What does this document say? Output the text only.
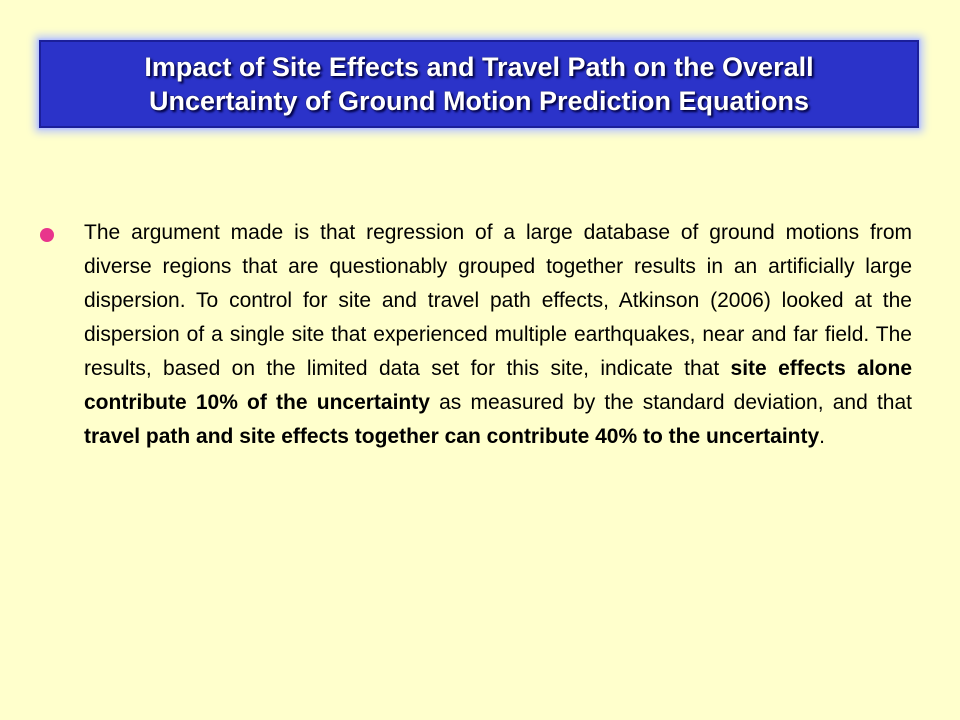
Impact of Site Effects and Travel Path on the Overall
Uncertainty of Ground Motion Prediction Equations
The argument made is that regression of a large database of ground motions from diverse regions that are questionably grouped together results in an artificially large dispersion. To control for site and travel path effects, Atkinson (2006) looked at the dispersion of a single site that experienced multiple earthquakes, near and far field. The results, based on the limited data set for this site, indicate that site effects alone contribute 10% of the uncertainty as measured by the standard deviation, and that travel path and site effects together can contribute 40% to the uncertainty.
